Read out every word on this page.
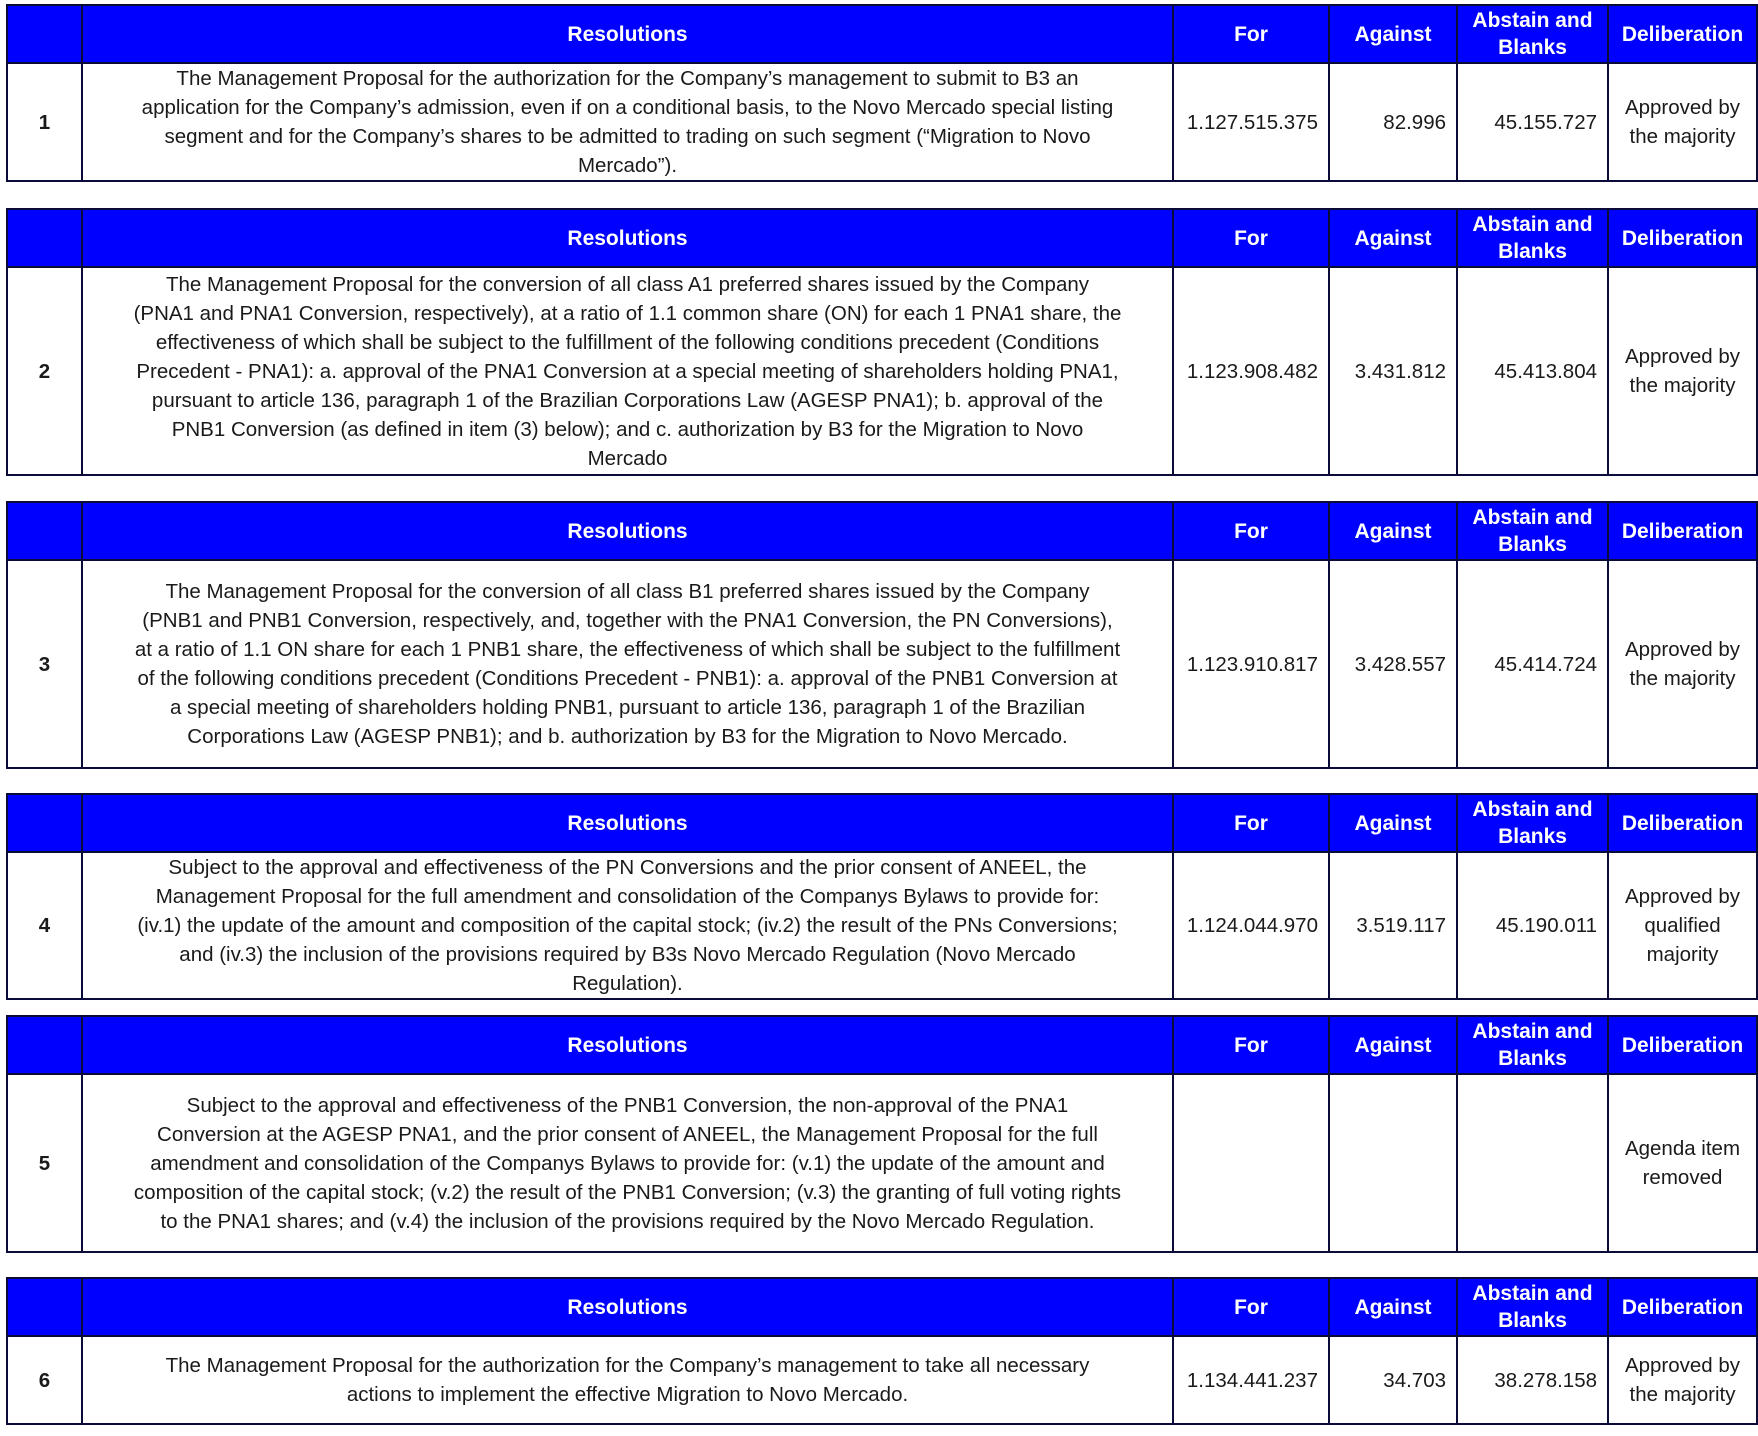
	Resolutions	For	Against	Abstain and Blanks	Deliberation
1	The Management Proposal for the authorization for the Company’s management to submit to B3 an application for the Company’s admission, even if on a conditional basis, to the Novo Mercado special listing segment and for the Company’s shares to be admitted to trading on such segment (“Migration to Novo Mercado”).	1.127.515.375	82.996	45.155.727	Approved by the majority
	Resolutions	For	Against	Abstain and Blanks	Deliberation
2	The Management Proposal for the conversion of all class A1 preferred shares issued by the Company (PNA1 and PNA1 Conversion, respectively), at a ratio of 1.1 common share (ON) for each 1 PNA1 share, the effectiveness of which shall be subject to the fulfillment of the following conditions precedent (Conditions Precedent - PNA1): a. approval of the PNA1 Conversion at a special meeting of shareholders holding PNA1, pursuant to article 136, paragraph 1 of the Brazilian Corporations Law (AGESP PNA1); b. approval of the PNB1 Conversion (as defined in item (3) below); and c. authorization by B3 for the Migration to Novo Mercado	1.123.908.482	3.431.812	45.413.804	Approved by the majority
	Resolutions	For	Against	Abstain and Blanks	Deliberation
3	The Management Proposal for the conversion of all class B1 preferred shares issued by the Company (PNB1 and PNB1 Conversion, respectively, and, together with the PNA1 Conversion, the PN Conversions), at a ratio of 1.1 ON share for each 1 PNB1 share, the effectiveness of which shall be subject to the fulfillment of the following conditions precedent (Conditions Precedent - PNB1): a. approval of the PNB1 Conversion at a special meeting of shareholders holding PNB1, pursuant to article 136, paragraph 1 of the Brazilian Corporations Law (AGESP PNB1); and b. authorization by B3 for the Migration to Novo Mercado.	1.123.910.817	3.428.557	45.414.724	Approved by the majority
	Resolutions	For	Against	Abstain and Blanks	Deliberation
4	Subject to the approval and effectiveness of the PN Conversions and the prior consent of ANEEL, the Management Proposal for the full amendment and consolidation of the Companys Bylaws to provide for: (iv.1) the update of the amount and composition of the capital stock; (iv.2) the result of the PNs Conversions; and (iv.3) the inclusion of the provisions required by B3s Novo Mercado Regulation (Novo Mercado Regulation).	1.124.044.970	3.519.117	45.190.011	Approved by qualified majority
	Resolutions	For	Against	Abstain and Blanks	Deliberation
5	Subject to the approval and effectiveness of the PNB1 Conversion, the non-approval of the PNA1 Conversion at the AGESP PNA1, and the prior consent of ANEEL, the Management Proposal for the full amendment and consolidation of the Companys Bylaws to provide for: (v.1) the update of the amount and composition of the capital stock; (v.2) the result of the PNB1 Conversion; (v.3) the granting of full voting rights to the PNA1 shares; and (v.4) the inclusion of the provisions required by the Novo Mercado Regulation.				Agenda item removed
	Resolutions	For	Against	Abstain and Blanks	Deliberation
6	The Management Proposal for the authorization for the Company’s management to take all necessary actions to implement the effective Migration to Novo Mercado.	1.134.441.237	34.703	38.278.158	Approved by the majority
